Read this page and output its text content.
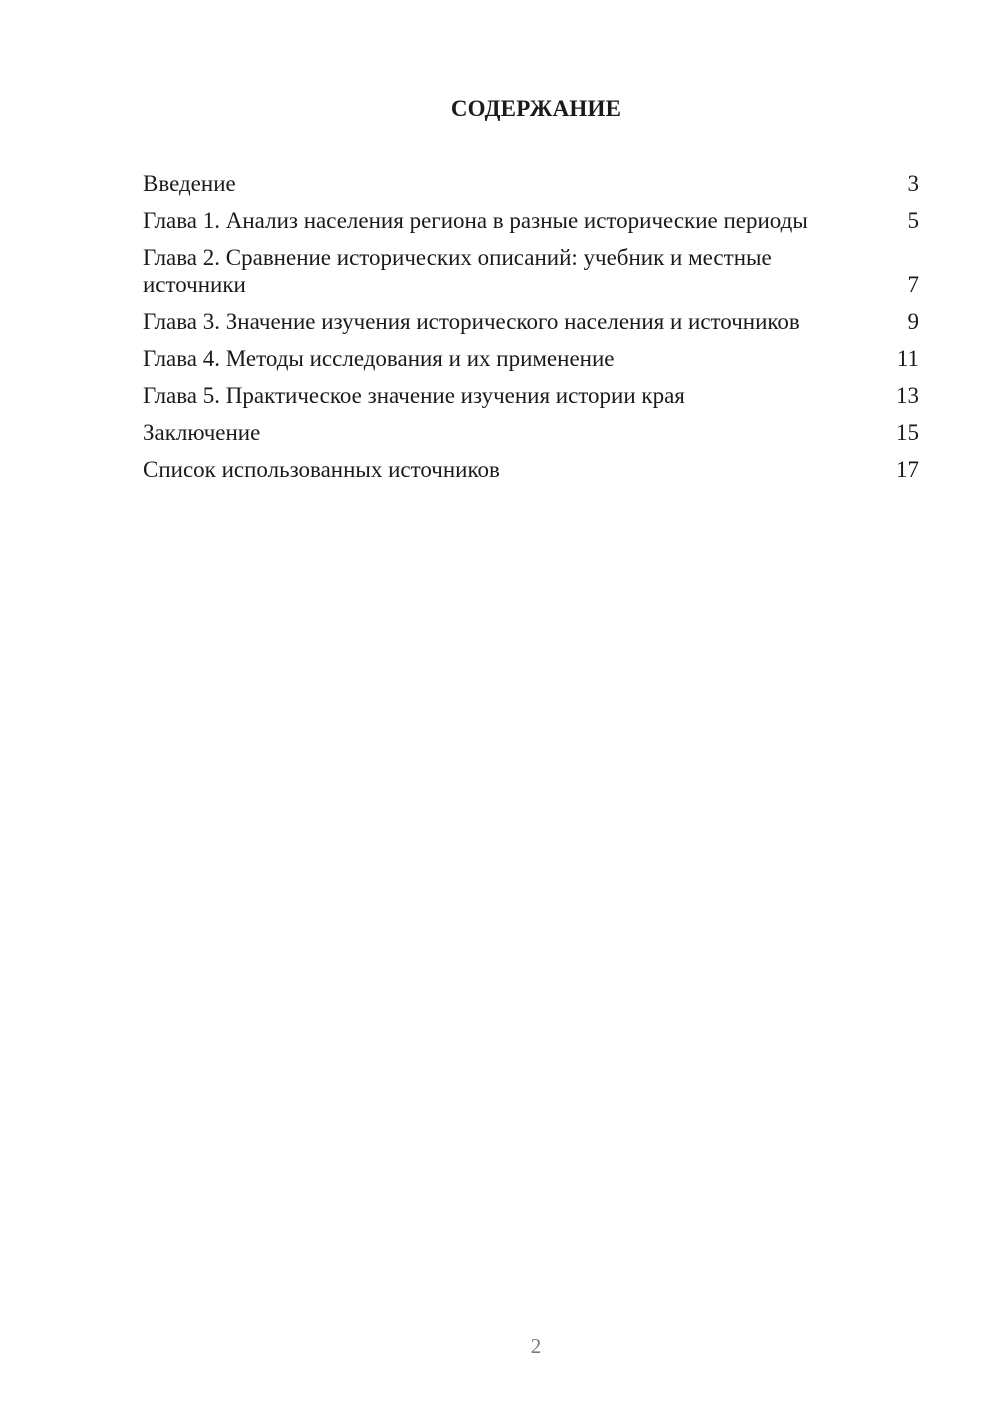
СОДЕРЖАНИЕ
Введение	3
Глава 1. Анализ населения региона в разные исторические периоды	5
Глава 2. Сравнение исторических описаний: учебник и местные источники	7
Глава 3. Значение изучения исторического населения и источников	9
Глава 4. Методы исследования и их применение	11
Глава 5. Практическое значение изучения истории края	13
Заключение	15
Список использованных источников	17
2
